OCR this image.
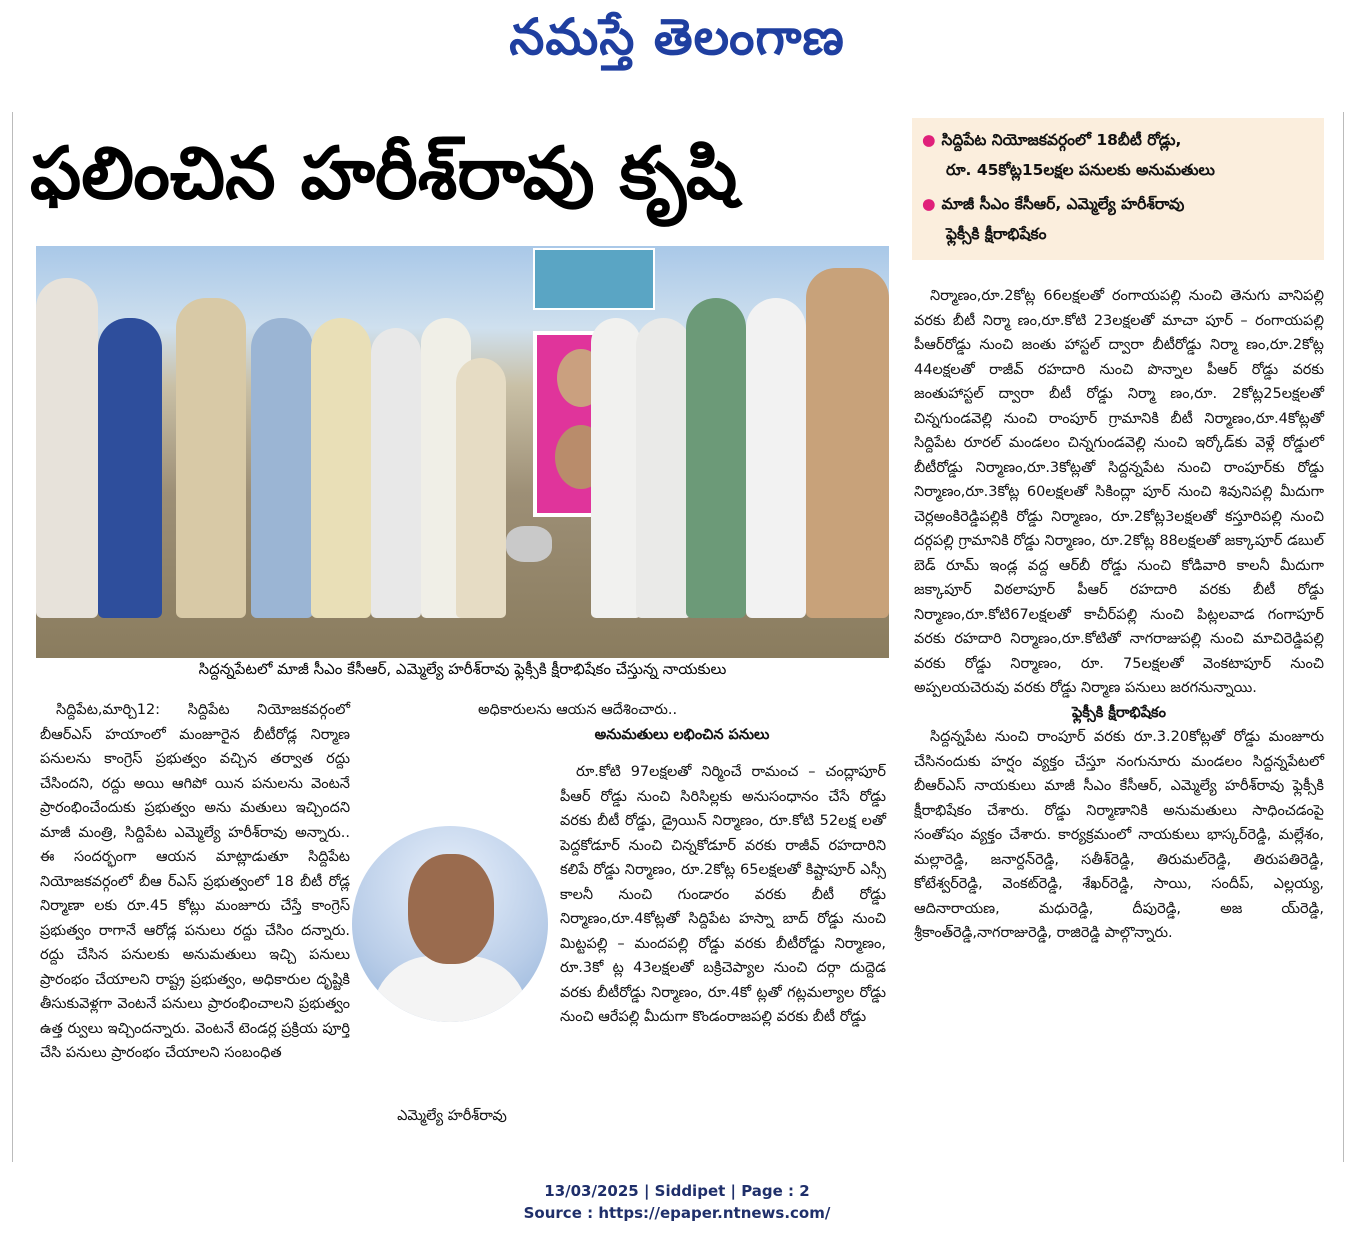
నమస్తే తెలంగాణ
ఫలించిన హరీశ్‌రావు కృషి	● సిద్దిపేట నియోజకవర్గంలో 18బీటీ రోడ్లు,
రూ. 45కోట్ల15లక్షల పనులకు అనుమతులు
● మాజీ సీఎం కేసీఆర్, ఎమ్మెల్యే హరీశ్‌రావు
ఫ్లెక్సీకి క్షీరాభిషేకం
సిద్దన్నపేటలో మాజీ సీఎం కేసీఆర్, ఎమ్మెల్యే హరీశ్‌రావు ఫ్లెక్సీకి క్షీరాభిషేకం చేస్తున్న నాయకులు

సిద్దిపేట,మార్చి12: సిద్దిపేట నియోజకవర్గంలో బీఆర్‌ఎస్ హయాంలో మంజూరైన బీటీరోడ్ల నిర్మాణ పనులను కాంగ్రెస్ ప్రభుత్వం వచ్చిన తర్వాత రద్దు చేసిందని, రద్దు అయి ఆగిపో యిన పనులను వెంటనే ప్రారంభించేందుకు ప్రభుత్వం అను మతులు ఇచ్చిందని మాజీ మంత్రి, సిద్దిపేట ఎమ్మెల్యే హరీశ్‌రావు అన్నారు.. ఈ సందర్భంగా ఆయన మాట్లాడుతూ సిద్దిపేట నియోజకవర్గంలో బీఆ ర్‌ఎస్ ప్రభుత్వంలో 18 బీటీ రోడ్ల నిర్మాణా లకు రూ.45 కోట్లు మంజూరు చేస్తే కాంగ్రెస్ ప్రభుత్వం రాగానే ఆరోడ్ల పనులు రద్దు చేసిం దన్నారు. రద్దు చేసిన పనులకు అనుమతులు ఇచ్చి పనులు ప్రారంభం చేయాలని రాష్ట్ర ప్రభుత్వం, అధికారుల దృష్టికి తీసుకువెళ్లగా వెంటనే పనులు ప్రారంభించాలని ప్రభుత్వం ఉత్త ర్వులు ఇచ్చిందన్నారు. వెంటనే టెండర్ల ప్రక్రియ పూర్తి చేసి పనులు ప్రారంభం చేయాలని సంబంధిత

అధికారులను ఆయన ఆదేశించారు..

అనుమతులు లభించిన పనులు

రూ.కోటి 97లక్షలతో నిర్మించే రామంచ – చంద్లాపూర్ పీఆర్ రోడ్డు నుంచి సిరిసిల్లకు అనుసంధానం చేసే రోడ్డు వరకు బీటీ రోడ్డు, డ్రైయిన్ నిర్మాణం, రూ.కోటి 52లక్ష లతో పెద్దకోడూర్ నుంచి చిన్నకోడూర్ వరకు రాజీవ్ రహదారిని కలిపే రోడ్డు నిర్మాణం, రూ.2కోట్ల 65లక్షలతో కిష్టాపూర్ ఎస్సీ కాలనీ నుంచి గుండారం వరకు బీటీ రోడ్డు నిర్మాణం,రూ.4కోట్లతో సిద్దిపేట హస్నా బాద్ రోడ్డు నుంచి మిట్టపల్లి – మందపల్లి రోడ్డు వరకు బీటీరోడ్డు నిర్మాణం, రూ.3కో ట్ల 43లక్షలతో బక్రిచెప్యాల నుంచి దర్గా దుద్దెడ వరకు బీటీరోడ్డు నిర్మాణం, రూ.4కో ట్లతో గట్లమల్యాల రోడ్డు నుంచి ఆరేపల్లి మీదుగా కొండంరాజపల్లి వరకు బీటీ రోడ్డు

ఎమ్మెల్యే హరీశ్‌రావు

నిర్మాణం,రూ.2కోట్ల 66లక్షలతో రంగాయపల్లి నుంచి తెనుగు వానిపల్లి వరకు బీటీ నిర్మా ణం,రూ.కోటి 23లక్షలతో మాచా పూర్ – రంగాయపల్లి పీఆర్‌రోడ్డు నుంచి జంతు హాస్టల్ ద్వారా బీటీరోడ్డు నిర్మా ణం,రూ.2కోట్ల 44లక్షలతో రాజీవ్ రహదారి నుంచి పొన్నాల పీఆర్ రోడ్డు వరకు జంతుహాస్టల్ ద్వారా బీటీ రోడ్డు నిర్మా ణం,రూ. 2కోట్ల25లక్షలతో చిన్నగుండవెల్లి నుంచి రాంపూర్ గ్రామానికి బీటీ నిర్మాణం,రూ.4కోట్లతో సిద్దిపేట రూరల్ మండలం చిన్నగుండవెల్లి నుంచి ఇర్కోడ్‌కు వెళ్లే రోడ్డులో బీటీరోడ్డు నిర్మాణం,రూ.3కోట్లతో సిద్దన్నపేట నుంచి రాంపూర్‌కు రోడ్డు నిర్మాణం,రూ.3కోట్ల 60లక్షలతో సికింద్లా పూర్ నుంచి శివునిపల్లి మీదుగా చెర్లఅంకిరెడ్డిపల్లికి రోడ్డు నిర్మాణం, రూ.2కోట్ల3లక్షలతో కస్తూరిపల్లి నుంచి దర్గపల్లి గ్రామానికి రోడ్డు నిర్మాణం, రూ.2కోట్ల 88లక్షలతో జక్కాపూర్ డబుల్ బెడ్ రూమ్ ఇండ్ల వద్ద ఆర్‌బీ రోడ్డు నుంచి కోడివారి కాలనీ మీదుగా జక్కాపూర్ విఠలాపూర్ పీఆర్ రహదారి వరకు బీటీ రోడ్డు నిర్మాణం,రూ.కోటి67లక్షలతో కాచీర్‌పల్లి నుంచి పిట్లలవాడ గంగాపూర్ వరకు రహదారి నిర్మాణం,రూ.కోటితో నాగరాజుపల్లి నుంచి మాచిరెడ్డిపల్లి వరకు రోడ్డు నిర్మాణం, రూ. 75లక్షలతో వెంకటాపూర్ నుంచి అప్పలయచెరువు వరకు రోడ్డు నిర్మాణ పనులు జరగనున్నాయి.

ఫ్లెక్సీకి క్షీరాభిషేకం

సిద్దన్నపేట నుంచి రాంపూర్ వరకు రూ.3.20కోట్లతో రోడ్డు మంజూరు చేసినందుకు హర్షం వ్యక్తం చేస్తూ నంగునూరు మండలం సిద్దన్నపేటలో బీఆర్‌ఎస్ నాయకులు మాజీ సీఎం కేసీఆర్, ఎమ్మెల్యే హరీశ్‌రావు ఫ్లెక్సీకి క్షీరాభిషేకం చేశారు. రోడ్డు నిర్మాణానికి అనుమతులు సాధించడంపై సంతోషం వ్యక్తం చేశారు. కార్యక్రమంలో నాయకులు భాస్కర్‌రెడ్డి, మల్లేశం, మల్లారెడ్డి, జనార్దన్‌రెడ్డి, సతీశ్‌రెడ్డి, తిరుమల్‌రెడ్డి, తిరుపతిరెడ్డి, కోటేశ్వర్‌రెడ్డి, వెంకట్‌రెడ్డి, శేఖర్‌రెడ్డి, సాయి, సందీప్, ఎల్లయ్య, ఆదినారాయణ, మధురెడ్డి, దీపురెడ్డి, అజ య్‌రెడ్డి, శ్రీకాంత్‌రెడ్డి,నాగరాజురెడ్డి, రాజిరెడ్డి పాల్గొన్నారు.

13/03/2025 | Siddipet | Page : 2
Source : https://epaper.ntnews.com/
